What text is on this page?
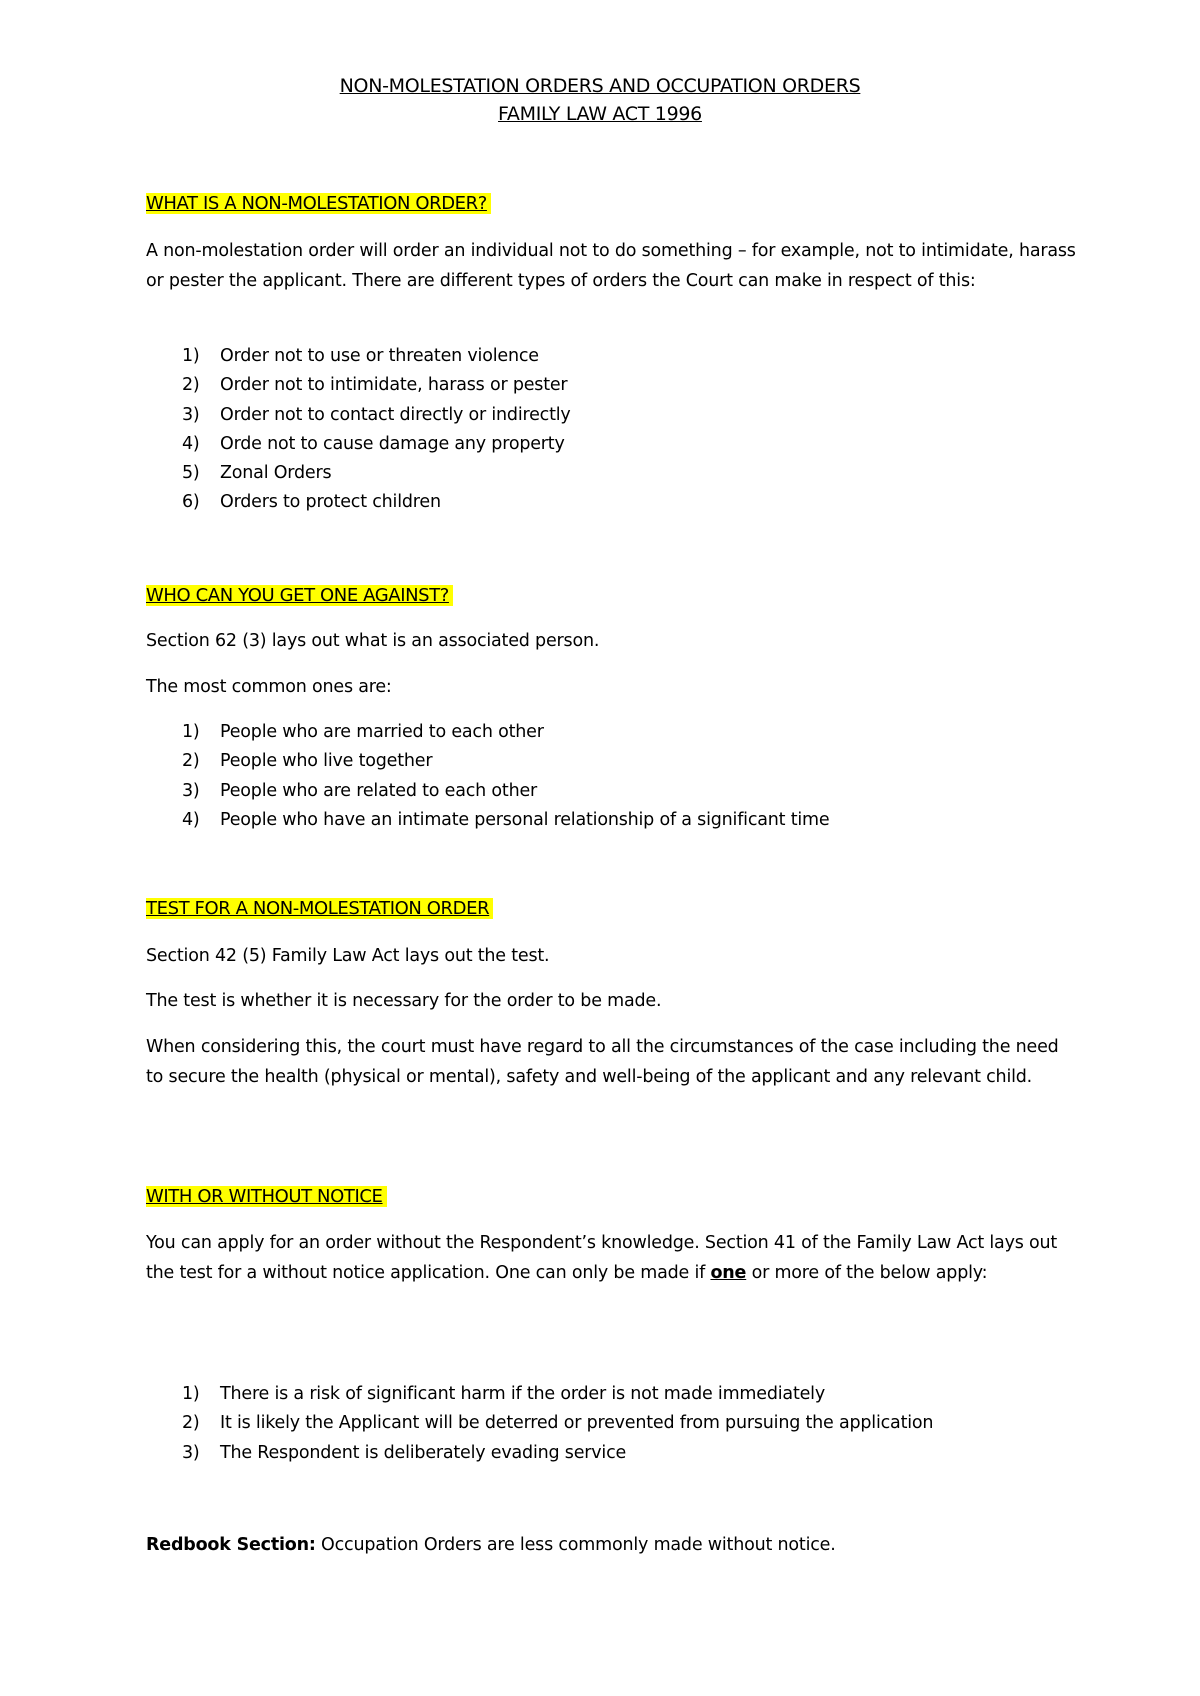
NON-MOLESTATION ORDERS AND OCCUPATION ORDERS
FAMILY LAW ACT 1996
WHAT IS A NON-MOLESTATION ORDER?
A non-molestation order will order an individual not to do something – for example, not to intimidate, harass or pester the applicant. There are different types of orders the Court can make in respect of this:
1) Order not to use or threaten violence
2) Order not to intimidate, harass or pester
3) Order not to contact directly or indirectly
4) Orde not to cause damage any property
5) Zonal Orders
6) Orders to protect children
WHO CAN YOU GET ONE AGAINST?
Section 62 (3) lays out what is an associated person.
The most common ones are:
1) People who are married to each other
2) People who live together
3) People who are related to each other
4) People who have an intimate personal relationship of a significant time
TEST FOR A NON-MOLESTATION ORDER
Section 42 (5) Family Law Act lays out the test.
The test is whether it is necessary for the order to be made.
When considering this, the court must have regard to all the circumstances of the case including the need to secure the health (physical or mental), safety and well-being of the applicant and any relevant child.
WITH OR WITHOUT NOTICE
You can apply for an order without the Respondent’s knowledge. Section 41 of the Family Law Act lays out the test for a without notice application. One can only be made if one or more of the below apply:
1) There is a risk of significant harm if the order is not made immediately
2) It is likely the Applicant will be deterred or prevented from pursuing the application
3) The Respondent is deliberately evading service
Redbook Section: Occupation Orders are less commonly made without notice.
